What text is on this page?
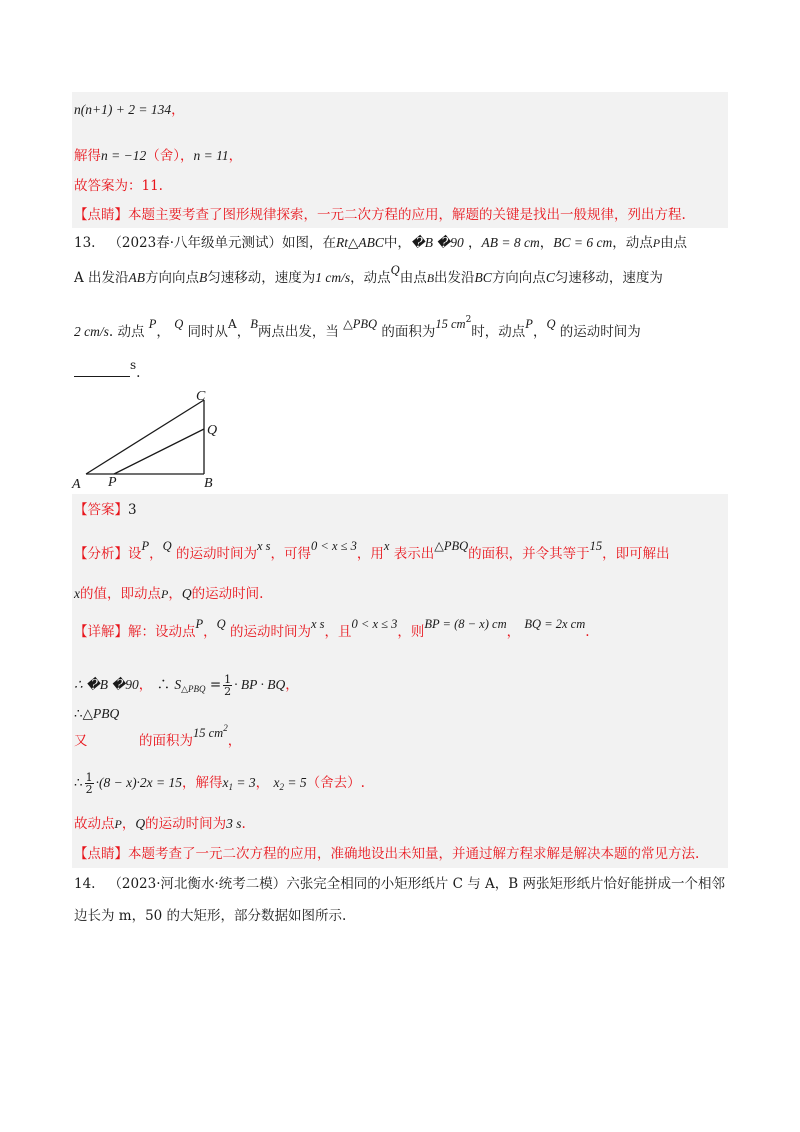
n(n+1) + 2 = 134，
解得n = −12（舍），n = 11，
故答案为：11.
【点睛】本题主要考查了图形规律探索，一元二次方程的应用，解题的关键是找出一般规律，列出方程.
13. （2023春·八年级单元测试）如图，在Rt△ABC中，�B �90 ，AB = 8 cm，BC = 6 cm，动点P由点
A 出发沿AB方向向点B匀速移动，速度为1 cm/s，动点Q由点B出发沿BC方向向点C匀速移动，速度为
2 cm/s. 动点 P， Q 同时从A，B两点出发，当 △PBQ 的面积为15 $cm^2$时，动点P，Q 的运动时间为
s.
A P	B
C
Q
【答案】3
【分析】设P，Q 的运动时间为x s，可得0 < x ≤ 3，用x 表示出△PBQ的面积，并令其等于15，即可解出
x的值，即动点P，Q的运动时间.
【详解】解：设动点P，Q 的运动时间为x s，且0 < x ≤ 3，则BP = (8 − x) cm， BQ = 2x cm.
∴ �B �90， ∴ $S_{\triangle PBQ} = \frac{1}{2}$ · BP · BQ，
∴△PBQ
又	的面积为15 $cm^2$，
∴ $\frac{1}{2} \cdot(8 - x)\cdot 2x = 15$，解得$x_1 = 3$， $x_2 = 5$（舍去）.
故动点P，Q的运动时间为3 s.
【点睛】本题考查了一元二次方程的应用，准确地设出未知量，并通过解方程求解是解决本题的常见方法.
14. （2023·河北衡水·统考二模）六张完全相同的小矩形纸片 C 与 A，B 两张矩形纸片恰好能拼成一个相邻
边长为 m，50 的大矩形，部分数据如图所示.
